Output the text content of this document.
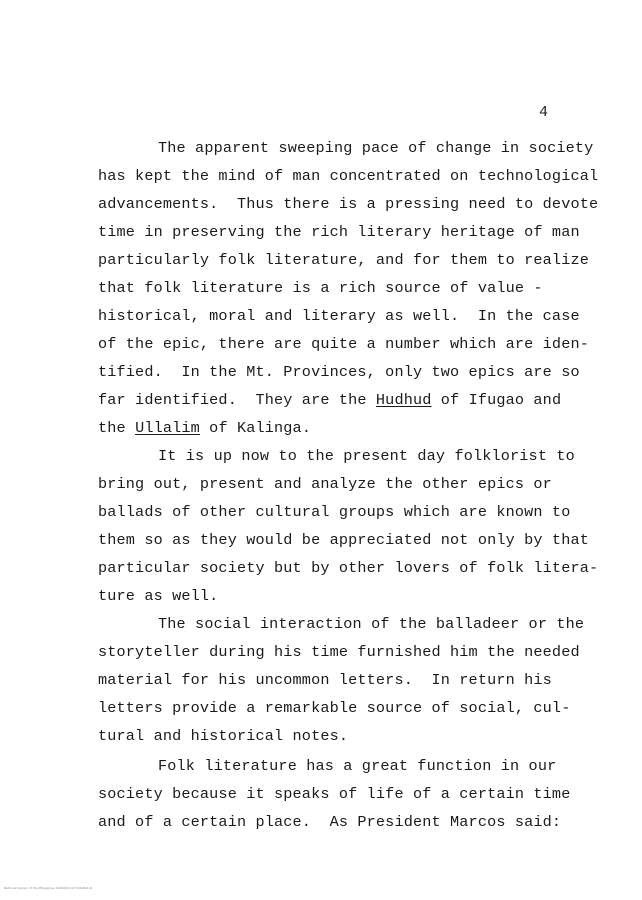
4
The apparent sweeping pace of change in society
has kept the mind of man concentrated on technological
advancements.  Thus there is a pressing need to devote
time in preserving the rich literary heritage of man
particularly folk literature, and for them to realize
that folk literature is a rich source of value -
historical, moral and literary as well.  In the case
of the epic, there are quite a number which are iden-
tified.  In the Mt. Provinces, only two epics are so
far identified.  They are the Hudhud of Ifugao and
the Ullalim of Kalinga.
It is up now to the present day folklorist to
bring out, present and analyze the other epics or
ballads of other cultural groups which are known to
them so as they would be appreciated not only by that
particular society but by other lovers of folk litera-
ture as well.
The social interaction of the balladeer or the
storyteller during his time furnished him the needed
material for his uncommon letters.  In return his
letters provide a remarkable source of social, cul-
tural and historical notes.
Folk literature has a great function in our
society because it speaks of life of a certain time
and of a certain place.  As President Marcos said:
National Library of the Philippines ULRS001413 00006/114
